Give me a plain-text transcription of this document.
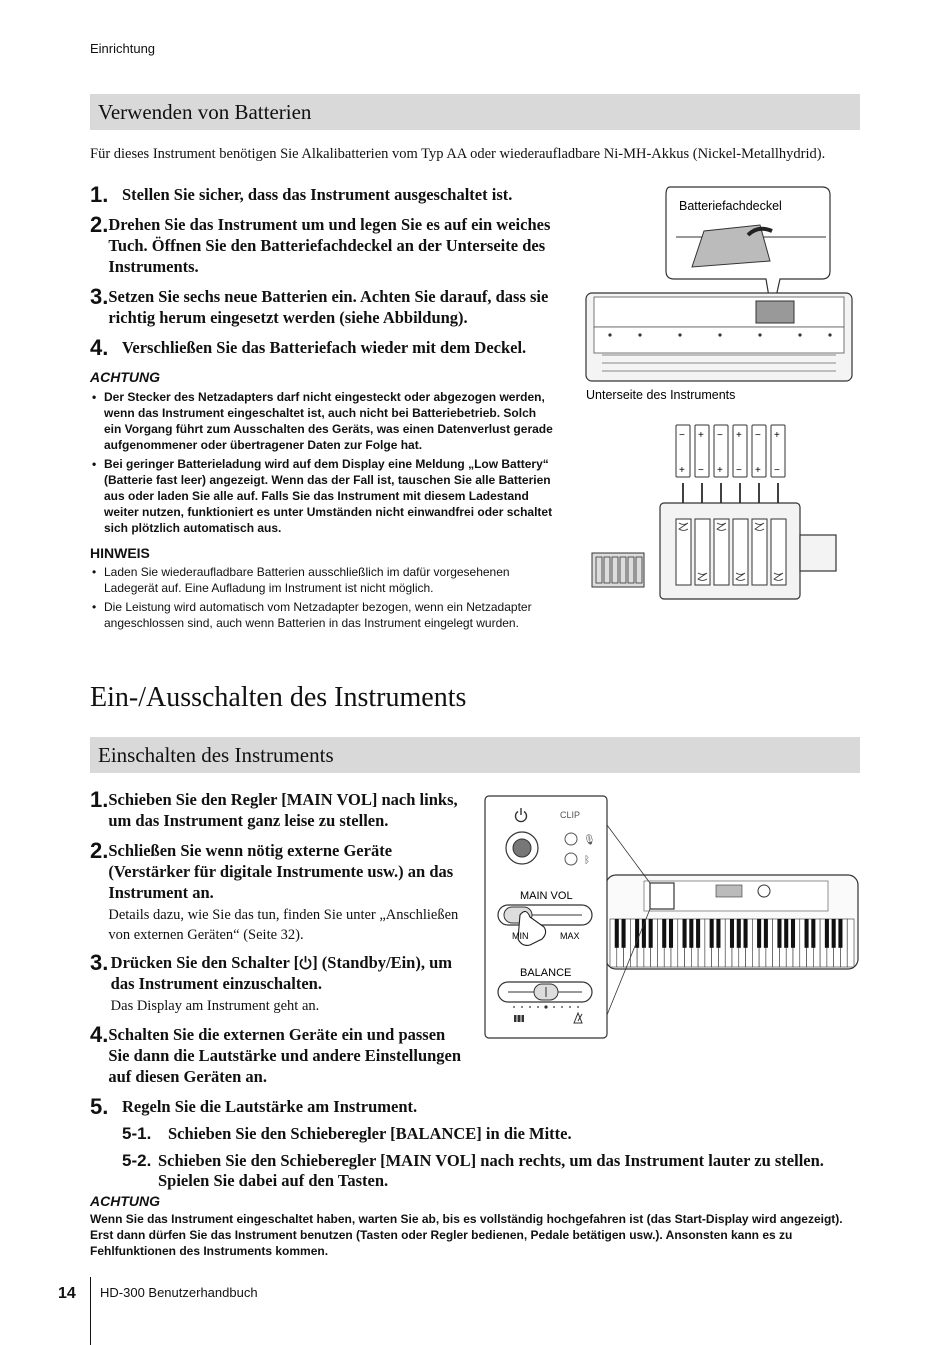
Einrichtung
Verwenden von Batterien
Für dieses Instrument benötigen Sie Alkalibatterien vom Typ AA oder wiederaufladbare Ni-MH-Akkus (Nickel-Metallhydrid).
1. Stellen Sie sicher, dass das Instrument ausgeschaltet ist.
2. Drehen Sie das Instrument um und legen Sie es auf ein weiches Tuch. Öffnen Sie den Batteriefachdeckel an der Unterseite des Instruments.
3. Setzen Sie sechs neue Batterien ein. Achten Sie darauf, dass sie richtig herum eingesetzt werden (siehe Abbildung).
4. Verschließen Sie das Batteriefach wieder mit dem Deckel.
ACHTUNG
• Der Stecker des Netzadapters darf nicht eingesteckt oder abgezogen werden, wenn das Instrument eingeschaltet ist, auch nicht bei Batteriebetrieb. Solch ein Vorgang führt zum Ausschalten des Geräts, was einen Datenverlust gerade aufgenommener oder übertragener Daten zur Folge hat.
• Bei geringer Batterieladung wird auf dem Display eine Meldung „Low Battery“ (Batterie fast leer) angezeigt. Wenn das der Fall ist, tauschen Sie alle Batterien aus oder laden Sie alle auf. Falls Sie das Instrument mit diesem Ladestand weiter nutzen, funktioniert es unter Umständen nicht einwandfrei oder schaltet sich plötzlich automatisch aus.
HINWEIS
• Laden Sie wiederaufladbare Batterien ausschließlich im dafür vorgesehenen Ladegerät auf. Eine Aufladung im Instrument ist nicht möglich.
• Die Leistung wird automatisch vom Netzadapter bezogen, wenn ein Netzadapter angeschlossen sind, auch wenn Batterien in das Instrument eingelegt wurden.
Batteriefachdeckel
Unterseite des Instruments
−
+
+
−
−
+
+
−
−
+
+
−
Ein-/Ausschalten des Instruments
Einschalten des Instruments
1. Schieben Sie den Regler [MAIN VOL] nach links, um das Instrument ganz leise zu stellen.
2. Schließen Sie wenn nötig externe Geräte (Verstärker für digitale Instrumente usw.) an das Instrument an.
Details dazu, wie Sie das tun, finden Sie unter „Anschließen von externen Geräten“ (Seite 32).
3. Drücken Sie den Schalter [ ] (Standby/Ein), um das Instrument einzuschalten.
Das Display am Instrument geht an.
4. Schalten Sie die externen Geräte ein und passen Sie dann die Lautstärke und andere Einstellungen auf diesen Geräten an.
5. Regeln Sie die Lautstärke am Instrument.
5-1.	Schieben Sie den Schieberegler [BALANCE] in die Mitte.
5-2. Schieben Sie den Schieberegler [MAIN VOL] nach rechts, um das Instrument lauter zu stellen. Spielen Sie dabei auf den Tasten.
ACHTUNG
Wenn Sie das Instrument eingeschaltet haben, warten Sie ab, bis es vollständig hochgefahren ist (das Start-Display wird angezeigt). Erst dann dürfen Sie das Instrument benutzen (Tasten oder Regler bedienen, Pedale betätigen usw.). Ansonsten kann es zu Fehlfunktionen des Instruments kommen.
CLIP
🎙
ᛒ
MAIN VOL
MIN	MAX
BALANCE
14 HD-300 Benutzerhandbuch
